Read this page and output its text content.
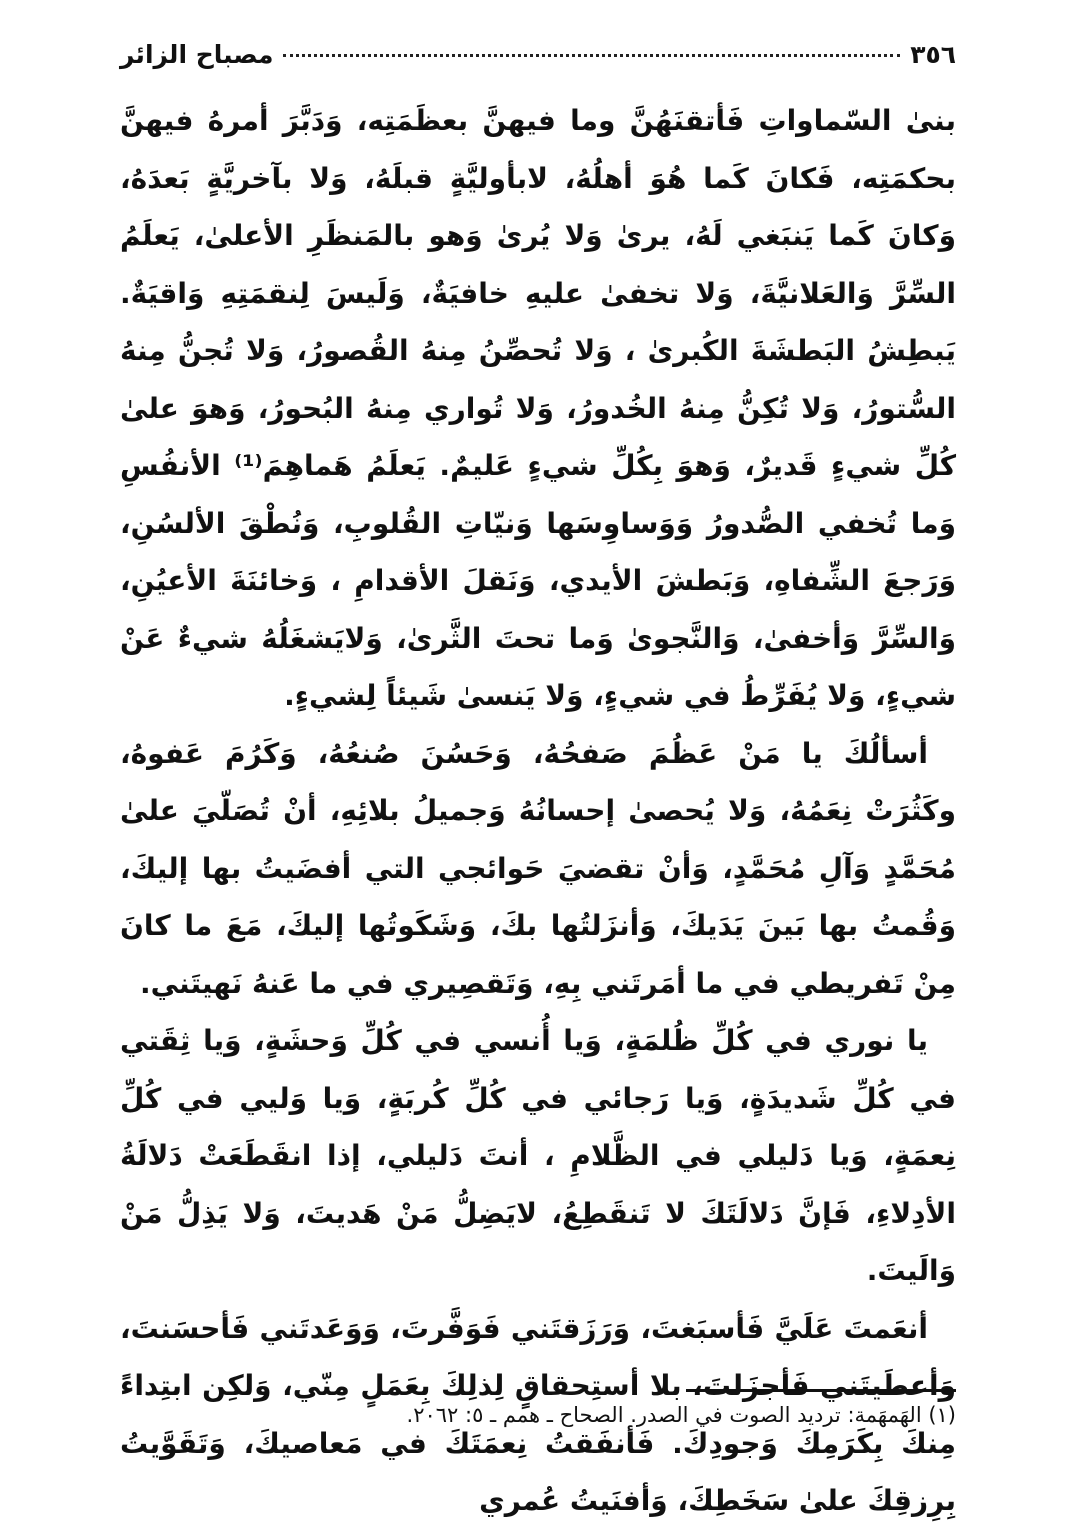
٣٥٦
مصباح الزائر

بنىٰ السّماواتِ فَأتقنَهُنَّ وما فيهنَّ بعظَمَتِه، وَدَبَّرَ أمرهُ فيهنَّ بحكمَتِه، فَكانَ كَما هُوَ أهلُهُ، لابأوليَّةٍ قبلَهُ، وَلا بآخريَّةٍ بَعدَهُ، وَكانَ كَما يَنبَغي لَهُ، يرىٰ وَلا يُرىٰ وَهو بالمَنظَرِ الأعلىٰ، يَعلَمُ السِّرَّ وَالعَلانيَّةَ، وَلا تخفىٰ عليهِ خافيَةٌ، وَلَيسَ لِنقمَتِهِ وَاقيَةٌ. يَبطِشُ البَطشَةَ الكُبرىٰ ، وَلا تُحصِّنُ مِنهُ القُصورُ، وَلا تُجنُّ مِنهُ السُّتورُ، وَلا تُكِنُّ مِنهُ الخُدورُ، وَلا تُواري مِنهُ البُحورُ، وَهوَ علىٰ كُلِّ شيءٍ قَديرٌ، وَهوَ بِكُلِّ شيءٍ عَليمٌ. يَعلَمُ هَماهِمَ⁽¹⁾ الأنفُسِ وَما تُخفي الصُّدورُ وَوَساوِسَها وَنيّاتِ القُلوبِ، وَنُطْقَ الألسُنِ، وَرَجعَ الشِّفاهِ، وَبَطشَ الأيدي، وَنَقلَ الأقدامِ ، وَخائنَةَ الأعيُنِ، وَالسِّرَّ وَأخفىٰ، وَالنَّجوىٰ وَما تحتَ الثَّرىٰ، وَلايَشغَلُهُ شيءٌ عَنْ شيءٍ، وَلا يُفَرِّطُ في شيءٍ، وَلا يَنسىٰ شَيئاً لِشيءٍ.

أسألُكَ يا مَنْ عَظُمَ صَفحُهُ، وَحَسُنَ صُنعُهُ، وَكَرُمَ عَفوهُ، وكَثُرَتْ نِعَمُهُ، وَلا يُحصىٰ إحسانُهُ وَجميلُ بلائِهِ، أنْ تُصَلّيَ علىٰ مُحَمَّدٍ وَآلِ مُحَمَّدٍ، وَأنْ تقضيَ حَوائجي التي أفضَيتُ بها إليكَ، وَقُمتُ بها بَينَ يَدَيكَ، وَأنزَلتُها بكَ، وَشَكَوتُها إليكَ، مَعَ ما كانَ مِنْ تَفريطي في ما أمَرتَني بِهِ، وَتَقصِيري في ما عَنهُ نَهيتَني.

يا نوري في كُلِّ ظُلمَةٍ، وَيا أُنسي في كُلِّ وَحشَةٍ، وَيا ثِقَتي في كُلِّ شَديدَةٍ، وَيا رَجائي في كُلِّ كُربَةٍ، وَيا وَليي في كُلِّ نِعمَةٍ، وَيا دَليلي في الظَّلامِ ، أنتَ دَليلي، إذا انقَطَعَتْ دَلالَةُ الأدِلاءِ، فَإنَّ دَلالَتَكَ لا تَنقَطِعُ، لايَضِلُّ مَنْ هَديتَ، وَلا يَذِلُّ مَنْ وَالَيتَ.

أنعَمتَ عَلَيَّ فَأسبَغتَ، وَرَزَقتَني فَوَفَّرتَ، وَوَعَدتَني فَأحسَنتَ، وَأعطَيتَني فَأجزَلتَ، بلا أستِحقاقٍ لِذلِكَ بِعَمَلٍ مِنّي، وَلكِن ابتِداءً مِنكَ بِكَرَمِكَ وَجودِكَ. فَأنفَقتُ نِعمَتَكَ في مَعاصيكَ، وَتَقَوَّيتُ بِرِزقِكَ علىٰ سَخَطِكَ، وَأفنَيتُ عُمري

(١) الهَمهَمة: ترديد الصوت في الصدر. الصحاح ـ همم ـ ٥: ٢٠٦٢.
